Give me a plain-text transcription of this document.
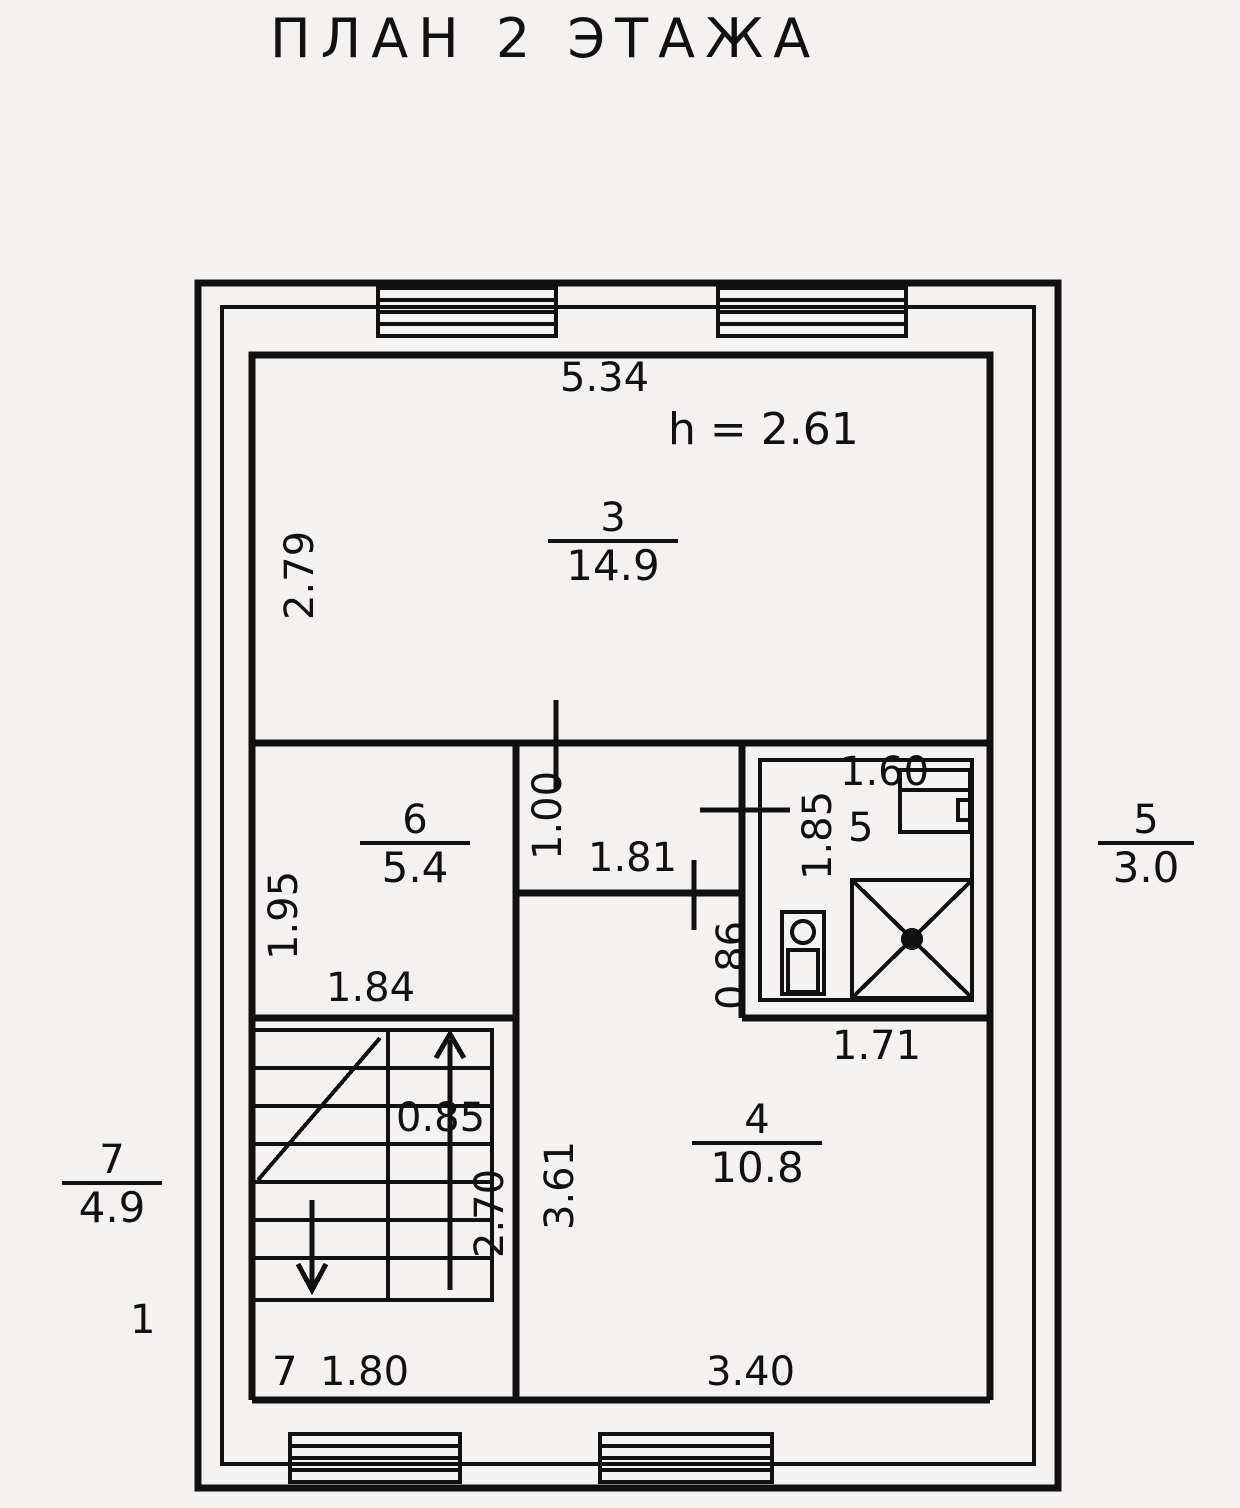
ПЛАН 2 ЭТАЖА
5.34
h = 2.61
2.79	$\frac{3}{14.9}$
1.95
$\frac{6}{5.4} 1.00$ 1.81	1.85
1.60
5
0.86
1.71
$\frac{5}{3.0}$
1.84
0.85
2.70 3.61	$\frac{4}{10.8}$
$\frac{7}{4.9}$
1
7 1.80	3.40
